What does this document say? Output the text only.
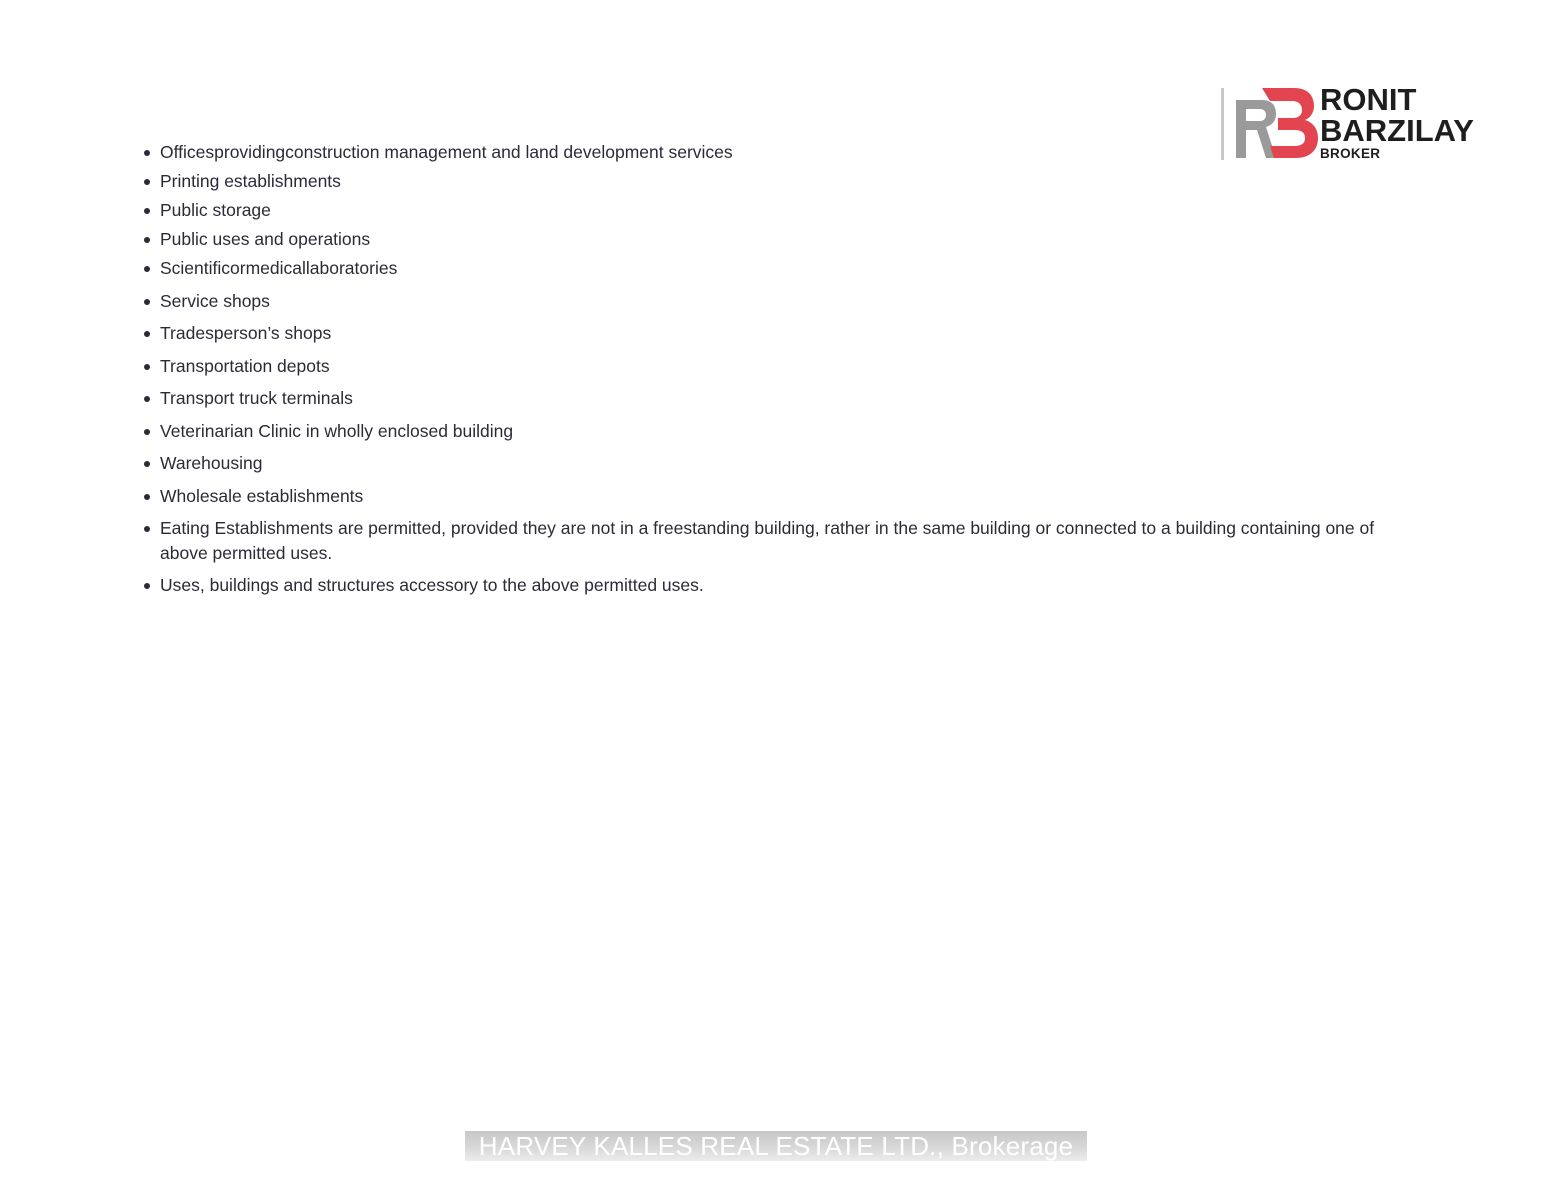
RONIT
BARZILAY
BROKER
Officesprovidingconstruction management and land development services
Printing establishments
Public storage
Public uses and operations
Scientificormedicallaboratories
Service shops
Tradesperson’s shops
Transportation depots
Transport truck terminals
Veterinarian Clinic in wholly enclosed building
Warehousing
Wholesale establishments
Eating Establishments are permitted, provided they are not in a freestanding building, rather in the same building or connected to a building containing one of above permitted uses.
Uses, buildings and structures accessory to the above permitted uses.
HARVEY KALLES REAL ESTATE LTD., Brokerage
